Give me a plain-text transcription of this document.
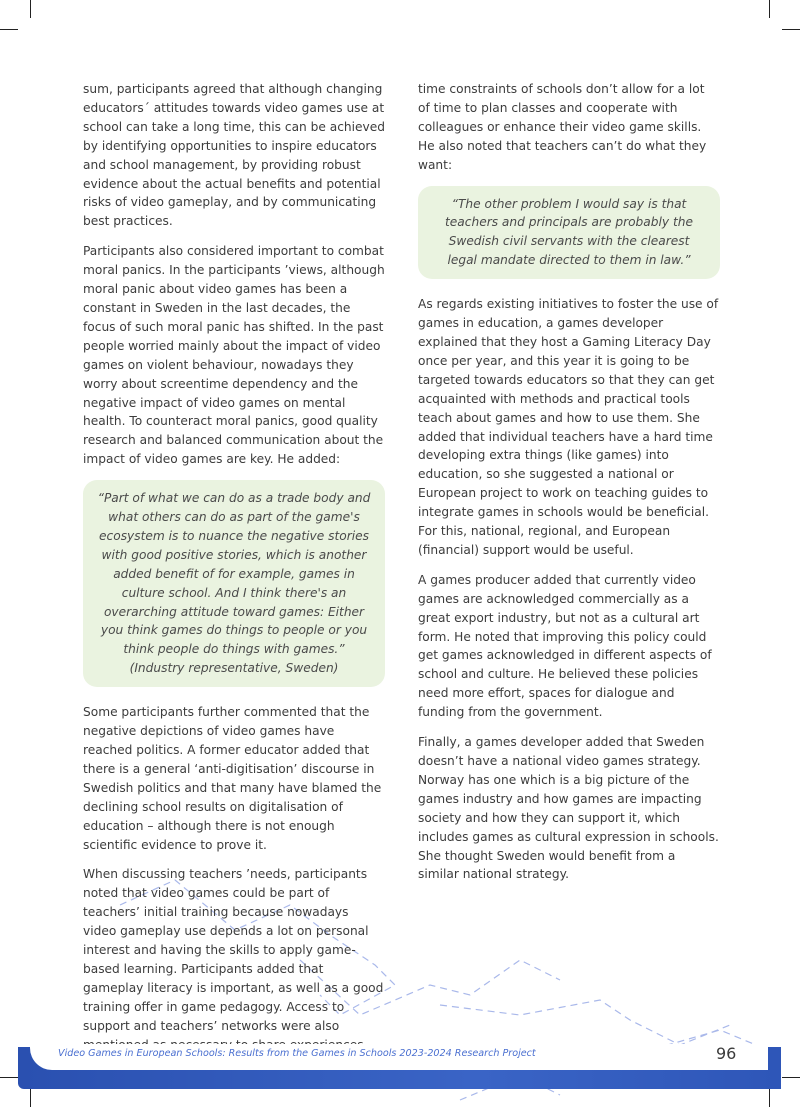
sum, participants agreed that although changing educators´ attitudes towards video games use at school can take a long time, this can be achieved by identifying opportunities to inspire educators and school management, by providing robust evidence about the actual benefits and potential risks of video gameplay, and by communicating best practices.

Participants also considered important to combat moral panics. In the participants ’views, although moral panic about video games has been a constant in Sweden in the last decades, the focus of such moral panic has shifted. In the past people worried mainly about the impact of video games on violent behaviour, nowadays they worry about screentime dependency and the negative impact of video games on mental health. To counteract moral panics, good quality research and balanced communication about the impact of video games are key. He added:

“Part of what we can do as a trade body and what others can do as part of the game's ecosystem is to nuance the negative stories with good positive stories, which is another added benefit of for example, games in culture school. And I think there's an overarching attitude toward games: Either you think games do things to people or you think people do things with games.” (Industry representative, Sweden)

Some participants further commented that the negative depictions of video games have reached politics. A former educator added that there is a general ‘anti-digitisation’ discourse in Swedish politics and that many have blamed the declining school results on digitalisation of education – although there is not enough scientific evidence to prove it.

When discussing teachers ’needs, participants noted that video games could be part of teachers’ initial training because nowadays video gameplay use depends a lot on personal interest and having the skills to apply game-based learning. Participants added that gameplay literacy is important, as well as a good training offer in game pedagogy. Access to support and teachers’ networks were also

time constraints of schools don’t allow for a lot of time to plan classes and cooperate with colleagues or enhance their video game skills. He also noted that teachers can’t do what they want:

“The other problem I would say is that teachers and principals are probably the Swedish civil servants with the clearest legal mandate directed to them in law.”

As regards existing initiatives to foster the use of games in education, a games developer explained that they host a Gaming Literacy Day once per year, and this year it is going to be targeted towards educators so that they can get acquainted with methods and practical tools teach about games and how to use them. She added that individual teachers have a hard time developing extra things (like games) into education, so she suggested a national or European project to work on teaching guides to integrate games in schools would be beneficial. For this, national, regional, and European (financial) support would be useful.

A games producer added that currently video games are acknowledged commercially as a great export industry, but not as a cultural art form. He noted that improving this policy could get games acknowledged in different aspects of school and culture. He believed these policies need more effort, spaces for dialogue and funding from the government.

Finally, a games developer added that Sweden doesn’t have a national video games strategy. Norway has one which is a big picture of the games industry and how games are impacting society and how they can support it, which includes games as cultural expression in schools. She thought Sweden would benefit from a similar national strategy.

Video Games in European Schools: Results from the Games in Schools 2023-2024 Research Project	96
